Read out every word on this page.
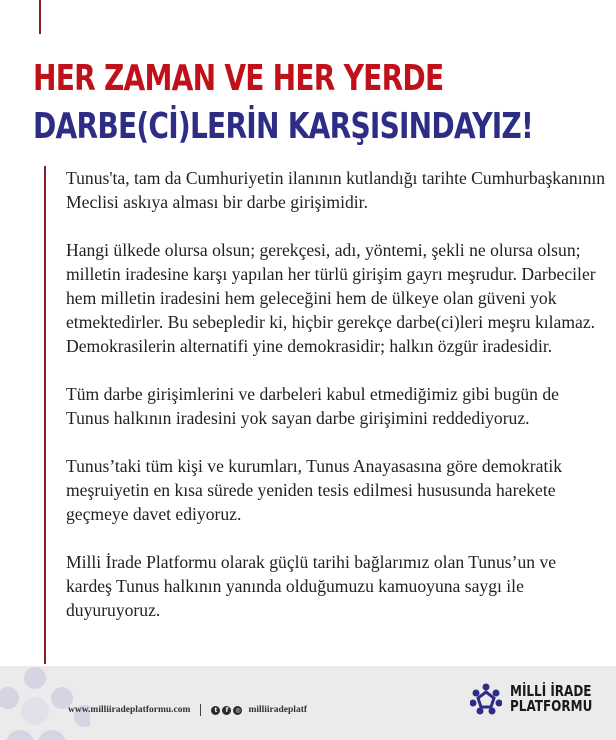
HER ZAMAN VE HER YERDE
DARBE(Cİ)LERİN KARŞISINDAYIZ!

Tunus'ta, tam da Cumhuriyetin ilanının kutlandığı tarihte Cumhurbaşkanının Meclisi askıya alması bir darbe girişimidir.

Hangi ülkede olursa olsun; gerekçesi, adı, yöntemi, şekli ne olursa olsun; milletin iradesine karşı yapılan her türlü girişim gayrı meşrudur. Darbeciler hem milletin iradesini hem geleceğini hem de ülkeye olan güveni yok etmektedirler. Bu sebepledir ki, hiçbir gerekçe darbe(ci)leri meşru kılamaz. Demokrasilerin alternatifi yine demokrasidir; halkın özgür iradesidir.

Tüm darbe girişimlerini ve darbeleri kabul etmediğimiz gibi bugün de Tunus halkının iradesini yok sayan darbe girişimini reddediyoruz.

Tunus’taki tüm kişi ve kurumları, Tunus Anayasasına göre demokratik meşruiyetin en kısa sürede yeniden tesis edilmesi hususunda harekete geçmeye davet ediyoruz.

Milli İrade Platformu olarak güçlü tarihi bağlarımız olan Tunus’un ve kardeş Tunus halkının yanında olduğumuzu kamuoyuna saygı ile duyuruyoruz.

www.milliiradeplatformu.com	t	f	◎ milliiradeplatf
MİLLİ İRADE
PLATFORMU
